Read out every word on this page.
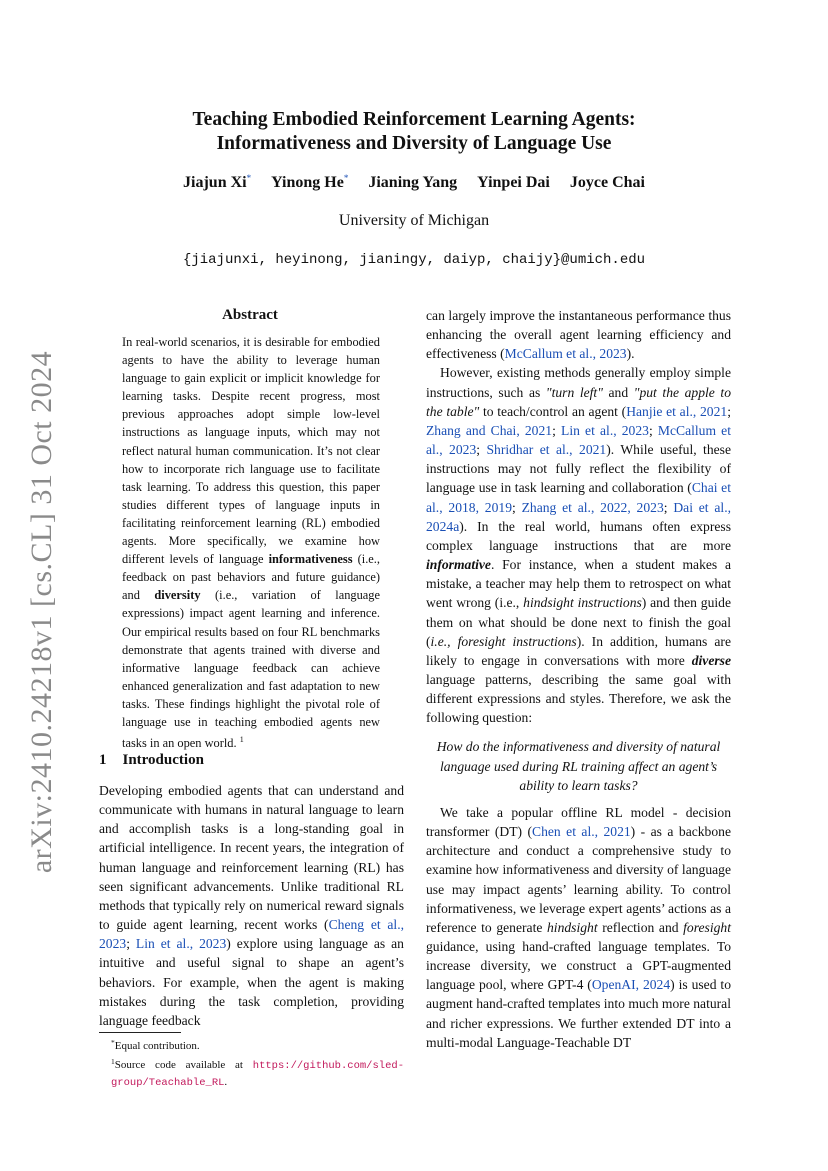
arXiv:2410.24218v1 [cs.CL] 31 Oct 2024
Teaching Embodied Reinforcement Learning Agents:
Informativeness and Diversity of Language Use
Jiajun Xi* Yinong He* Jianing Yang Yinpei Dai Joyce Chai
University of Michigan
{jiajunxi, heyinong, jianingy, daiyp, chaijy}@umich.edu
Abstract
In real-world scenarios, it is desirable for embodied agents to have the ability to leverage human language to gain explicit or implicit knowledge for learning tasks. Despite recent progress, most previous approaches adopt simple low-level instructions as language inputs, which may not reflect natural human communication. It’s not clear how to incorporate rich language use to facilitate task learning. To address this question, this paper studies different types of language inputs in facilitating reinforcement learning (RL) embodied agents. More specifically, we examine how different levels of language informativeness (i.e., feedback on past behaviors and future guidance) and diversity (i.e., variation of language expressions) impact agent learning and inference. Our empirical results based on four RL benchmarks demonstrate that agents trained with diverse and informative language feedback can achieve enhanced generalization and fast adaptation to new tasks. These findings highlight the pivotal role of language use in teaching embodied agents new tasks in an open world. $^1$
1 Introduction
Developing embodied agents that can understand and communicate with humans in natural language to learn and accomplish tasks is a long-standing goal in artificial intelligence. In recent years, the integration of human language and reinforcement learning (RL) has seen significant advancements. Unlike traditional RL methods that typically rely on numerical reward signals to guide agent learning, recent works (Cheng et al., 2023; Lin et al., 2023) explore using language as an intuitive and useful signal to shape an agent’s behaviors. For example, when the agent is making mistakes during the task completion, providing language feedback
*Equal contribution.
$^1$Source code available at https://github.com/sled-group/Teachable_RL.

can largely improve the instantaneous performance thus enhancing the overall agent learning efficiency and effectiveness (McCallum et al., 2023).

However, existing methods generally employ simple instructions, such as "turn left" and "put the apple to the table" to teach/control an agent (Hanjie et al., 2021; Zhang and Chai, 2021; Lin et al., 2023; McCallum et al., 2023; Shridhar et al., 2021). While useful, these instructions may not fully reflect the flexibility of language use in task learning and collaboration (Chai et al., 2018, 2019; Zhang et al., 2022, 2023; Dai et al., 2024a). In the real world, humans often express complex language instructions that are more informative. For instance, when a student makes a mistake, a teacher may help them to retrospect on what went wrong (i.e., hindsight instructions) and then guide them on what should be done next to finish the goal (i.e., foresight instructions). In addition, humans are likely to engage in conversations with more diverse language patterns, describing the same goal with different expressions and styles. Therefore, we ask the following question:

How do the informativeness and diversity of natural language used during RL training affect an agent’s ability to learn tasks?

We take a popular offline RL model - decision transformer (DT) (Chen et al., 2021) - as a backbone architecture and conduct a comprehensive study to examine how informativeness and diversity of language use may impact agents’ learning ability. To control informativeness, we leverage expert agents’ actions as a reference to generate hindsight reflection and foresight guidance, using hand-crafted language templates. To increase diversity, we construct a GPT-augmented language pool, where GPT-4 (OpenAI, 2024) is used to augment hand-crafted templates into much more natural and richer expressions. We further extended DT into a multi-modal Language-Teachable DT
